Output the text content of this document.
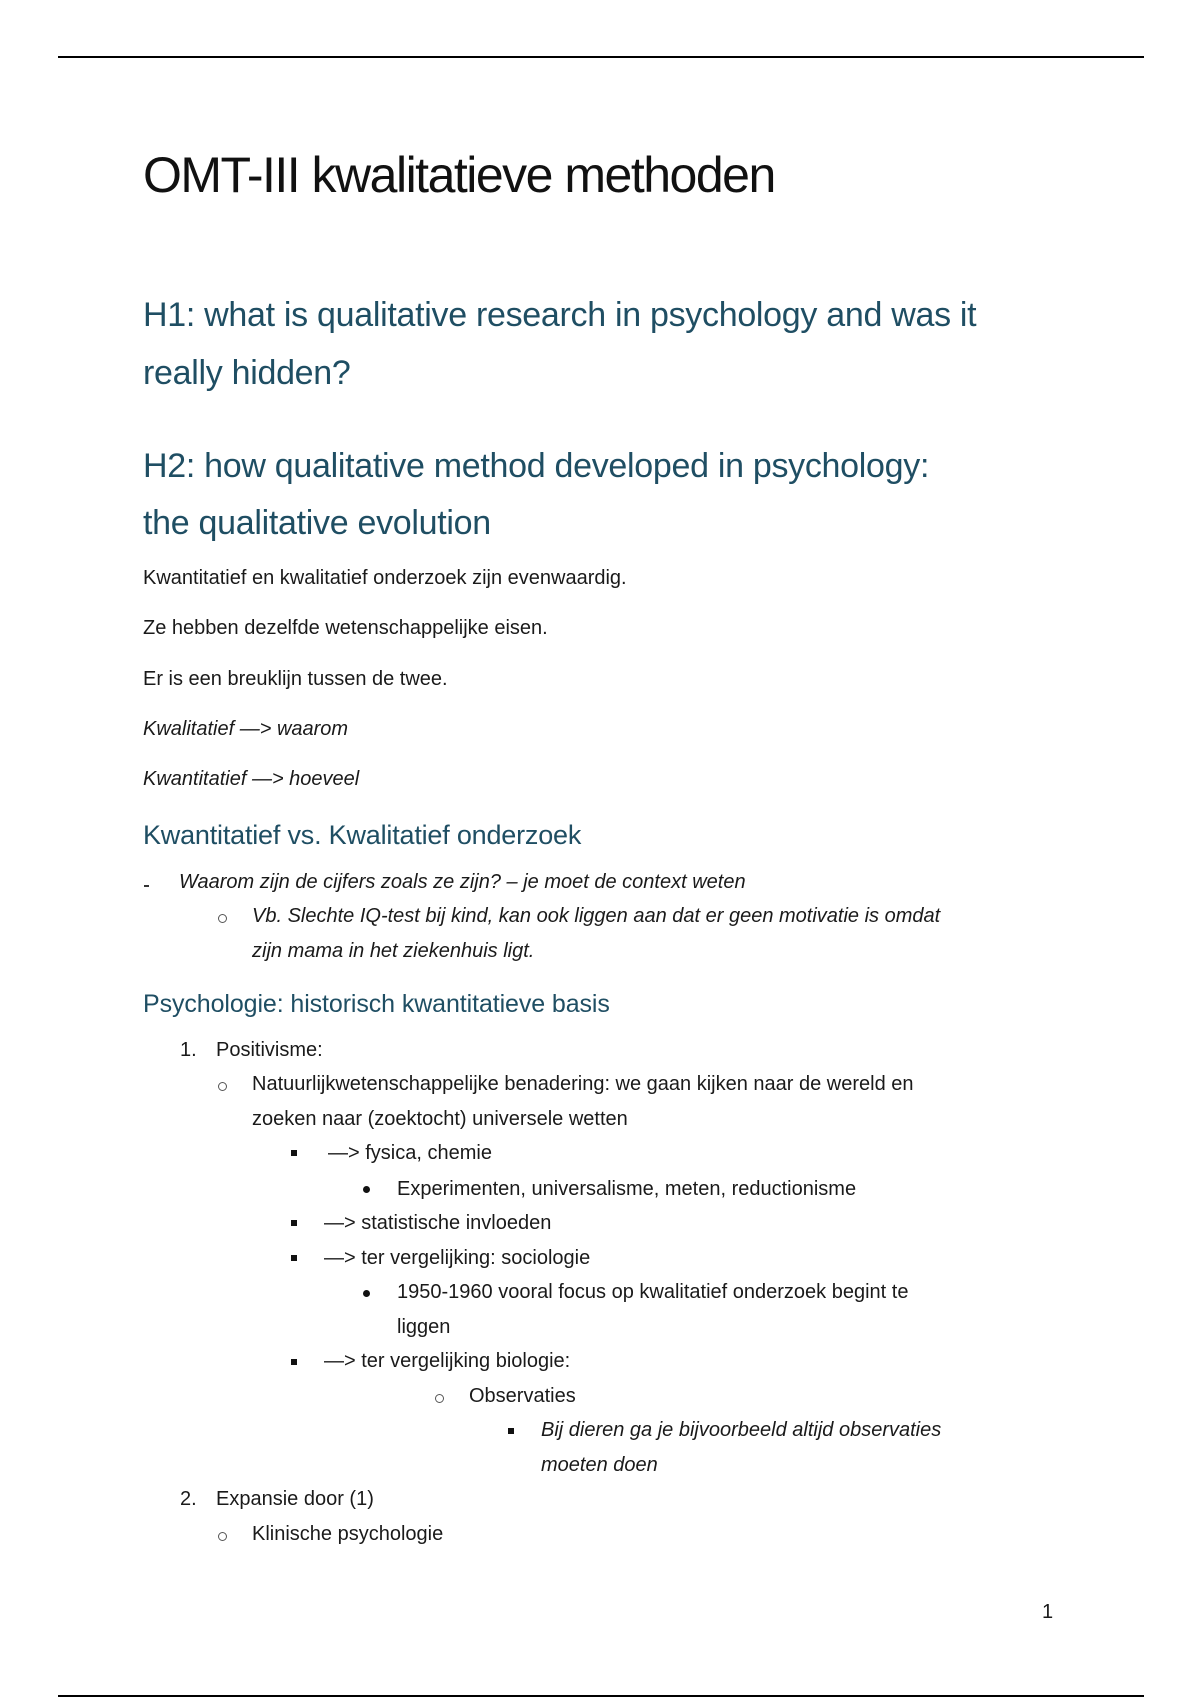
OMT-III kwalitatieve methoden
H1: what is qualitative research in psychology and was it
really hidden?
H2: how qualitative method developed in psychology:
the qualitative evolution
Kwantitatief en kwalitatief onderzoek zijn evenwaardig.
Ze hebben dezelfde wetenschappelijke eisen.
Er is een breuklijn tussen de twee.
Kwalitatief —> waarom
Kwantitatief —> hoeveel
Kwantitatief vs. Kwalitatief onderzoek
Waarom zijn de cijfers zoals ze zijn? – je moet de context weten
Vb. Slechte IQ-test bij kind, kan ook liggen aan dat er geen motivatie is omdat
zijn mama in het ziekenhuis ligt.
Psychologie: historisch kwantitatieve basis
1. Positivisme:
Natuurlijkwetenschappelijke benadering: we gaan kijken naar de wereld en
zoeken naar (zoektocht) universele wetten
—> fysica, chemie
Experimenten, universalisme, meten, reductionisme
—> statistische invloeden
—> ter vergelijking: sociologie
1950-1960 vooral focus op kwalitatief onderzoek begint te
liggen
—> ter vergelijking biologie:
Observaties
Bij dieren ga je bijvoorbeeld altijd observaties
moeten doen
2. Expansie door (1)
Klinische psychologie
1
